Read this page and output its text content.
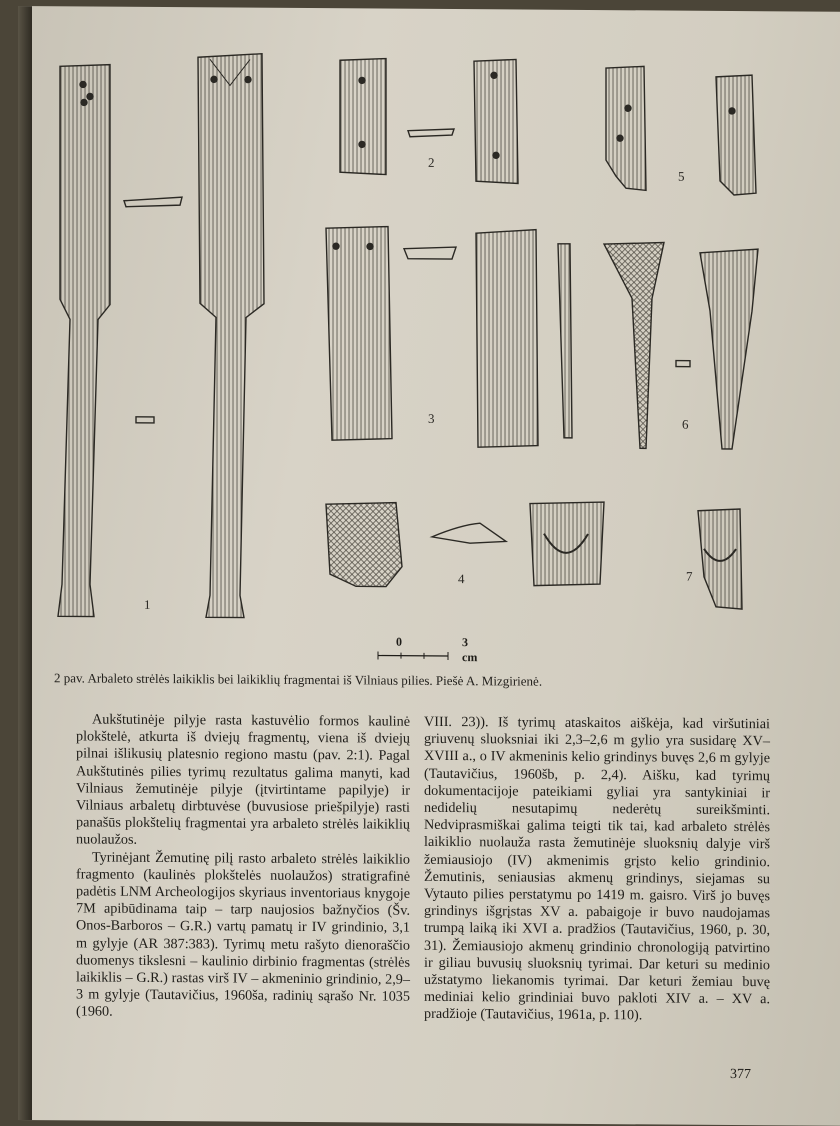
1
2
3
4
5
6
7
0	3 cm
2 pav. Arbaleto strėlės laikiklis bei laikiklių fragmentai iš Vilniaus pilies. Piešė A. Mizgirienė.

Aukštutinėje pilyje rasta kastuvėlio formos kaulinė plokštelė, atkurta iš dviejų fragmentų, viena iš dviejų pilnai išlikusių platesnio regiono mastu (pav. 2:1). Pagal Aukštutinės pilies tyrimų rezultatus galima manyti, kad Vilniaus žemutinėje pilyje (įtvirtintame papilyje) ir Vilniaus arbaletų dirbtuvėse (buvusiose priešpilyje) rasti panašūs plokštelių fragmentai yra arbaleto strėlės laikiklių nuolaužos.

Tyrinėjant Žemutinę pilį rasto arbaleto strėlės laikiklio fragmento (kaulinės plokštelės nuolaužos) stratigrafinė padėtis LNM Archeologijos skyriaus inventoriaus knygoje 7M apibūdinama taip – tarp naujosios bažnyčios (Šv. Onos-Barboros – G.R.) vartų pamatų ir IV grindinio, 3,1 m gylyje (AR 387:383). Tyrimų metu rašyto dienoraščio duomenys tikslesni – kaulinio dirbinio fragmentas (strėlės laikiklis – G.R.) rastas virš IV – akmeninio grindinio, 2,9–3 m gylyje (Tautavičius, 1960ša, radinių sąrašo Nr. 1035 (1960.

VIII. 23)). Iš tyrimų ataskaitos aiškėja, kad viršutiniai griuvenų sluoksniai iki 2,3–2,6 m gylio yra susidarę XV–XVIII a., o IV akmeninis kelio grindinys buvęs 2,6 m gylyje (Tautavičius, 1960šb, p. 2,4). Aišku, kad tyrimų dokumentacijoje pateikiami gyliai yra santykiniai ir nedidelių nesutapimų nederėtų sureikšminti. Nedviprasmiškai galima teigti tik tai, kad arbaleto strėlės laikiklio nuolauža rasta žemutinėje sluoksnių dalyje virš žemiausiojo (IV) akmenimis grįsto kelio grindinio. Žemutinis, seniausias akmenų grindinys, siejamas su Vytauto pilies perstatymu po 1419 m. gaisro. Virš jo buvęs grindinys išgrįstas XV a. pabaigoje ir buvo naudojamas trumpą laiką iki XVI a. pradžios (Tautavičius, 1960, p. 30, 31). Žemiausiojo akmenų grindinio chronologiją patvirtino ir giliau buvusių sluoksnių tyrimai. Dar keturi su medinio užstatymo liekanomis tyrimai. Dar keturi žemiau buvę mediniai kelio grindiniai buvo pakloti XIV a. – XV a. pradžioje (Tautavičius, 1961a, p. 110).

377
